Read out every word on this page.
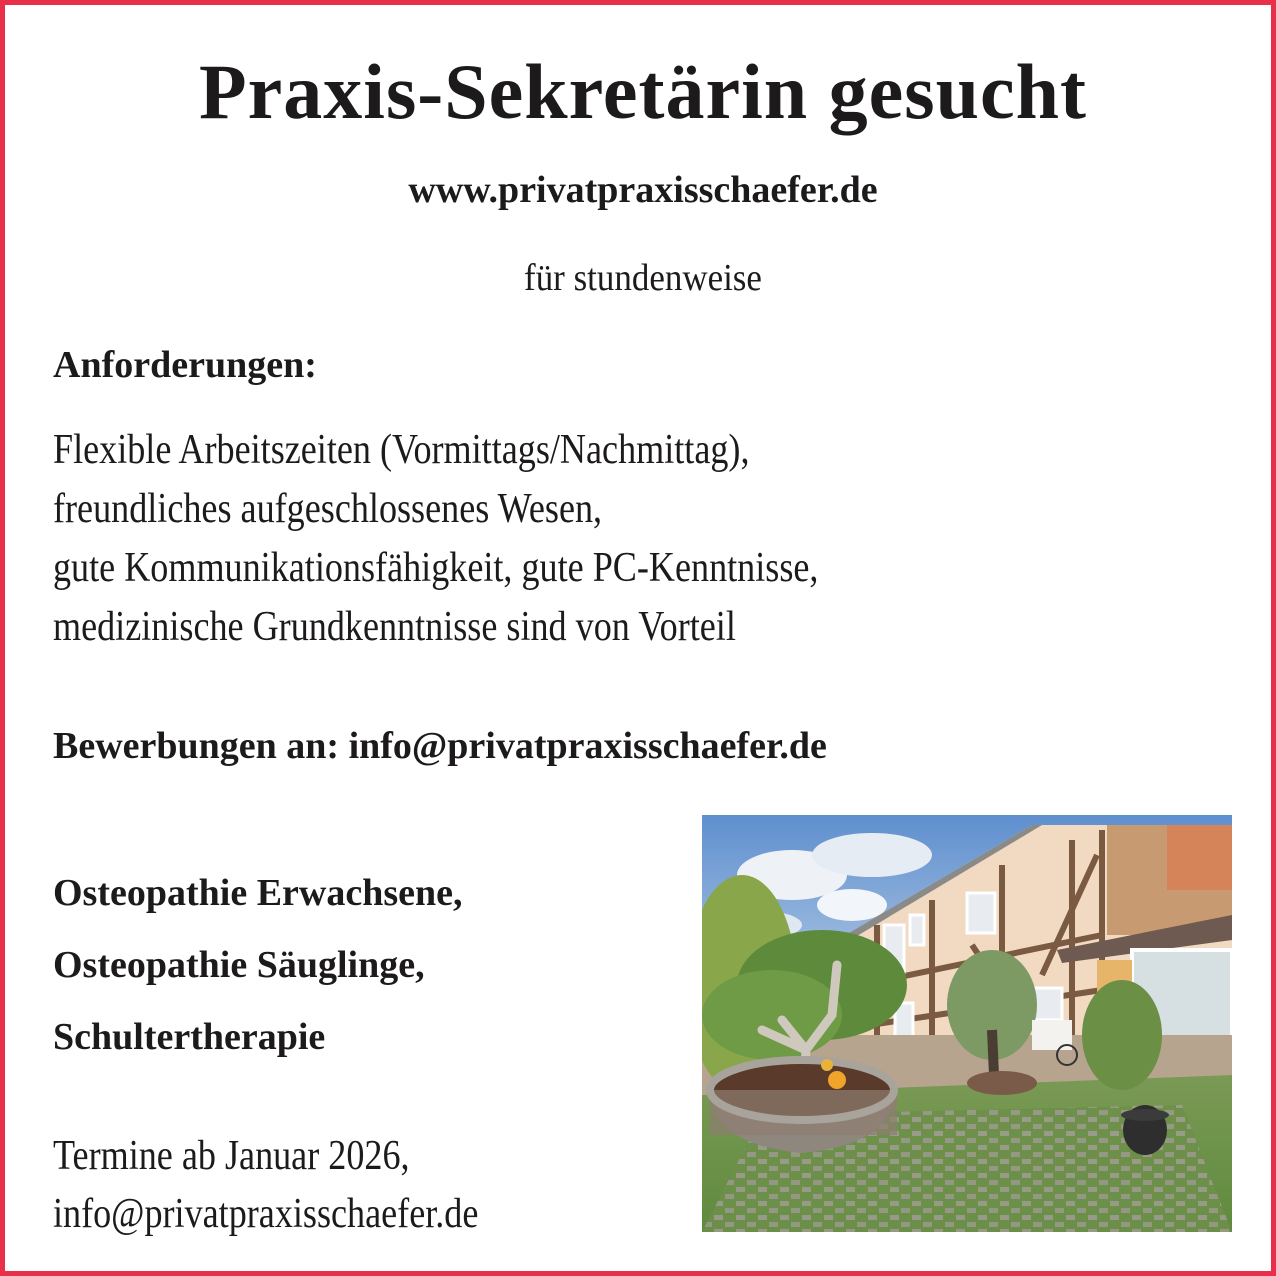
Praxis-Sekretärin gesucht
www.privatpraxisschaefer.de
für stundenweise
Anforderungen:
Flexible Arbeitszeiten (Vormittags/Nachmittag),
freundliches aufgeschlossenes Wesen,
gute Kommunikationsfähigkeit, gute PC-Kenntnisse,
medizinische Grundkenntnisse sind von Vorteil
Bewerbungen an: info@privatpraxisschaefer.de
Osteopathie Erwachsene,
Osteopathie Säuglinge,
Schultertherapie
Termine ab Januar 2026,
info@privatpraxisschaefer.de
